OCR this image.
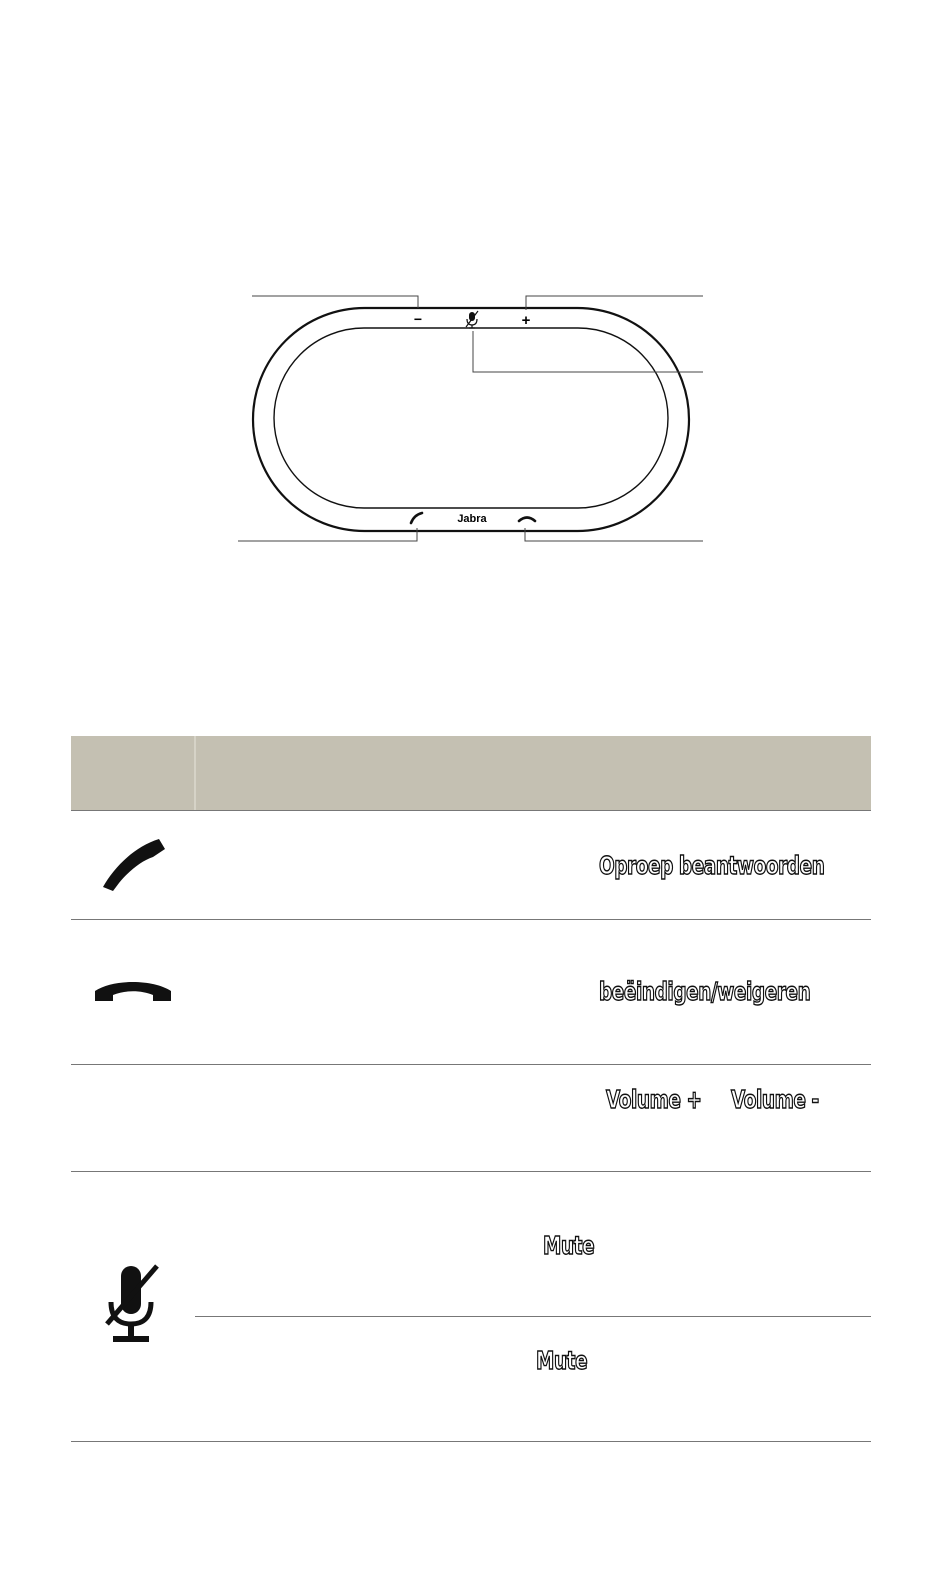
−	+
Jabra
Oproep beantwoorden
beëindigen/weigeren
Volume + Volume -
Mute
Mute
